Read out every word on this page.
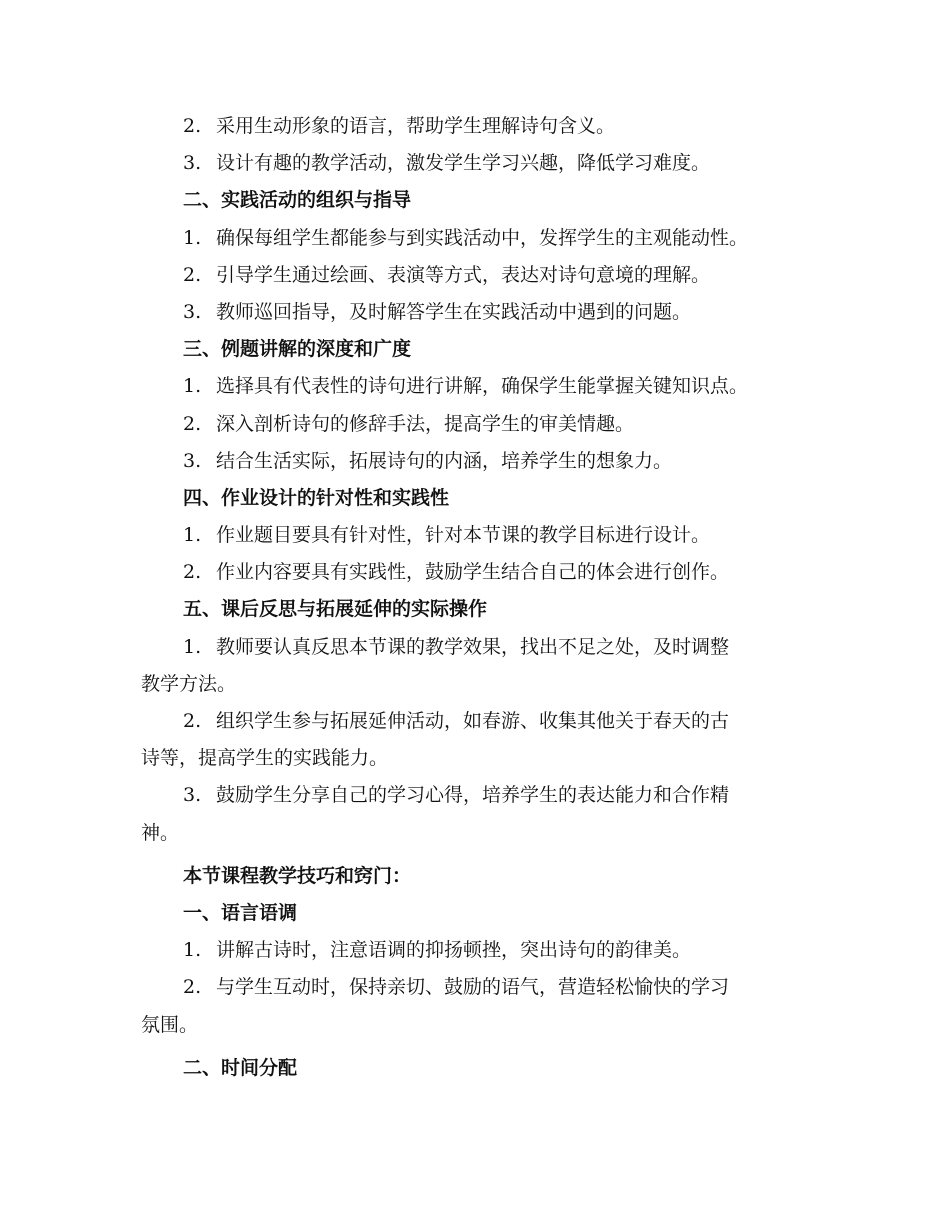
2. 采用生动形象的语言，帮助学生理解诗句含义。

3. 设计有趣的教学活动，激发学生学习兴趣，降低学习难度。

二、实践活动的组织与指导

1. 确保每组学生都能参与到实践活动中，发挥学生的主观能动性。

2. 引导学生通过绘画、表演等方式，表达对诗句意境的理解。

3. 教师巡回指导，及时解答学生在实践活动中遇到的问题。

三、例题讲解的深度和广度

1. 选择具有代表性的诗句进行讲解，确保学生能掌握关键知识点。

2. 深入剖析诗句的修辞手法，提高学生的审美情趣。

3. 结合生活实际，拓展诗句的内涵，培养学生的想象力。

四、作业设计的针对性和实践性

1. 作业题目要具有针对性，针对本节课的教学目标进行设计。

2. 作业内容要具有实践性，鼓励学生结合自己的体会进行创作。

五、课后反思与拓展延伸的实际操作

1. 教师要认真反思本节课的教学效果，找出不足之处，及时调整

教学方法。

2. 组织学生参与拓展延伸活动，如春游、收集其他关于春天的古

诗等，提高学生的实践能力。

3. 鼓励学生分享自己的学习心得，培养学生的表达能力和合作精

神。

本节课程教学技巧和窍门：

一、语言语调

1. 讲解古诗时，注意语调的抑扬顿挫，突出诗句的韵律美。

2. 与学生互动时，保持亲切、鼓励的语气，营造轻松愉快的学习

氛围。

二、时间分配
